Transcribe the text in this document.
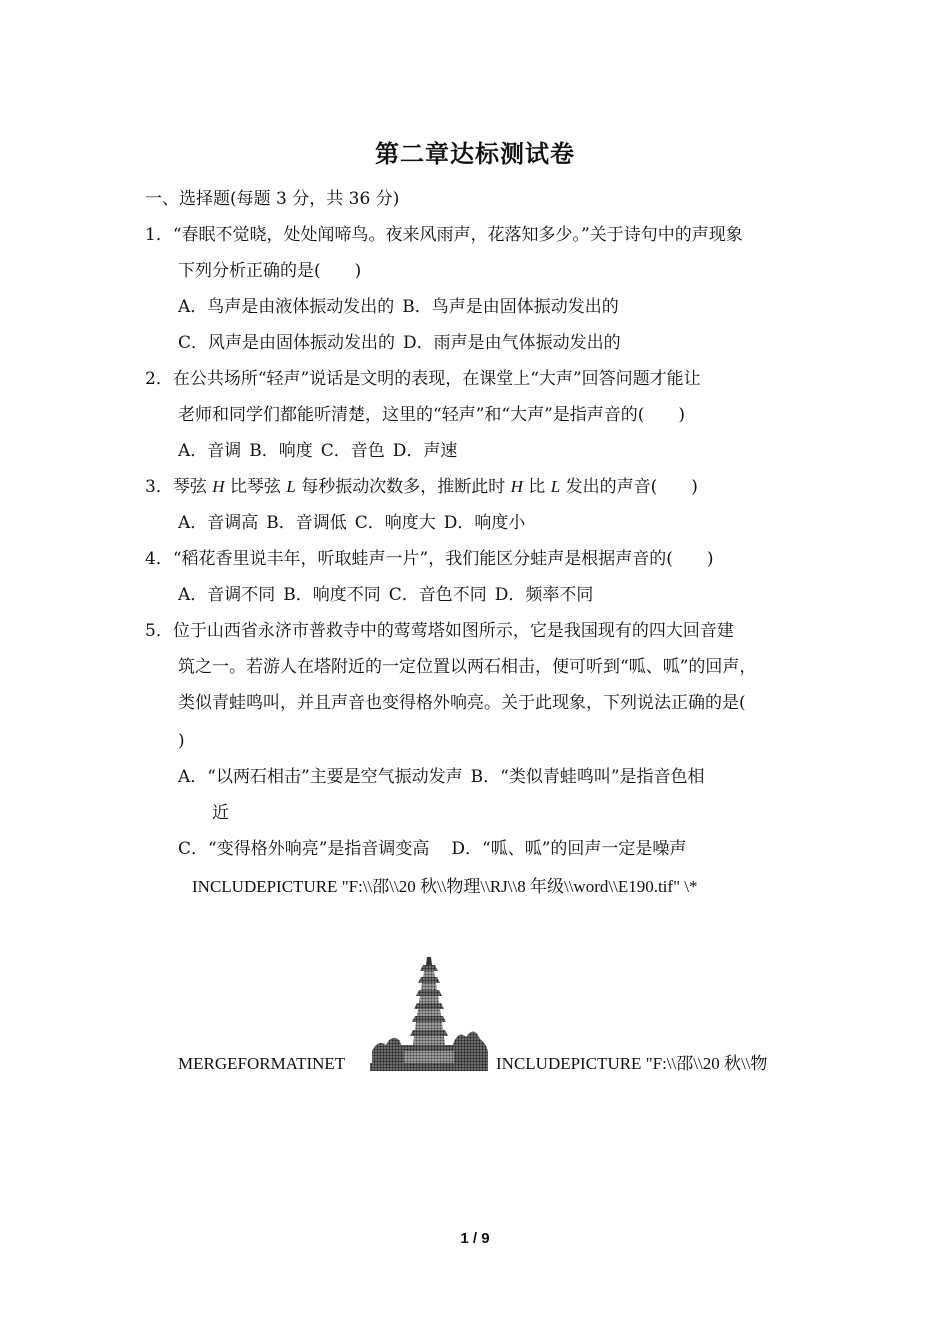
第二章达标测试卷
一、选择题(每题 3 分，共 36 分)
1．“春眠不觉晓，处处闻啼鸟。夜来风雨声，花落知多少。”关于诗句中的声现象
下列分析正确的是(　　)
A．鸟声是由液体振动发出的 B．鸟声是由固体振动发出的
C．风声是由固体振动发出的 D．雨声是由气体振动发出的
2．在公共场所“轻声”说话是文明的表现，在课堂上“大声”回答问题才能让
老师和同学们都能听清楚，这里的“轻声”和“大声”是指声音的(　　)
A．音调 B．响度 C．音色 D．声速
3．琴弦 H 比琴弦 L 每秒振动次数多，推断此时 H 比 L 发出的声音(　　)
A．音调高 B．音调低 C．响度大 D．响度小
4．“稻花香里说丰年，听取蛙声一片”，我们能区分蛙声是根据声音的(　　)
A．音调不同 B．响度不同 C．音色不同 D．频率不同
5．位于山西省永济市普救寺中的莺莺塔如图所示，它是我国现有的四大回音建
筑之一。若游人在塔附近的一定位置以两石相击，便可听到“呱、呱”的回声，
类似青蛙鸣叫，并且声音也变得格外响亮。关于此现象，下列说法正确的是(
)
A．“以两石相击”主要是空气振动发声 B．“类似青蛙鸣叫”是指音色相
近
C．“变得格外响亮”是指音调变高 D．“呱、呱”的回声一定是噪声
INCLUDEPICTURE "F:\\邵\\20 秋\\物理\\RJ\\8 年级\\word\\E190.tif" \*
MERGEFORMATINET	INCLUDEPICTURE "F:\\邵\\20 秋\\物
1 / 9
